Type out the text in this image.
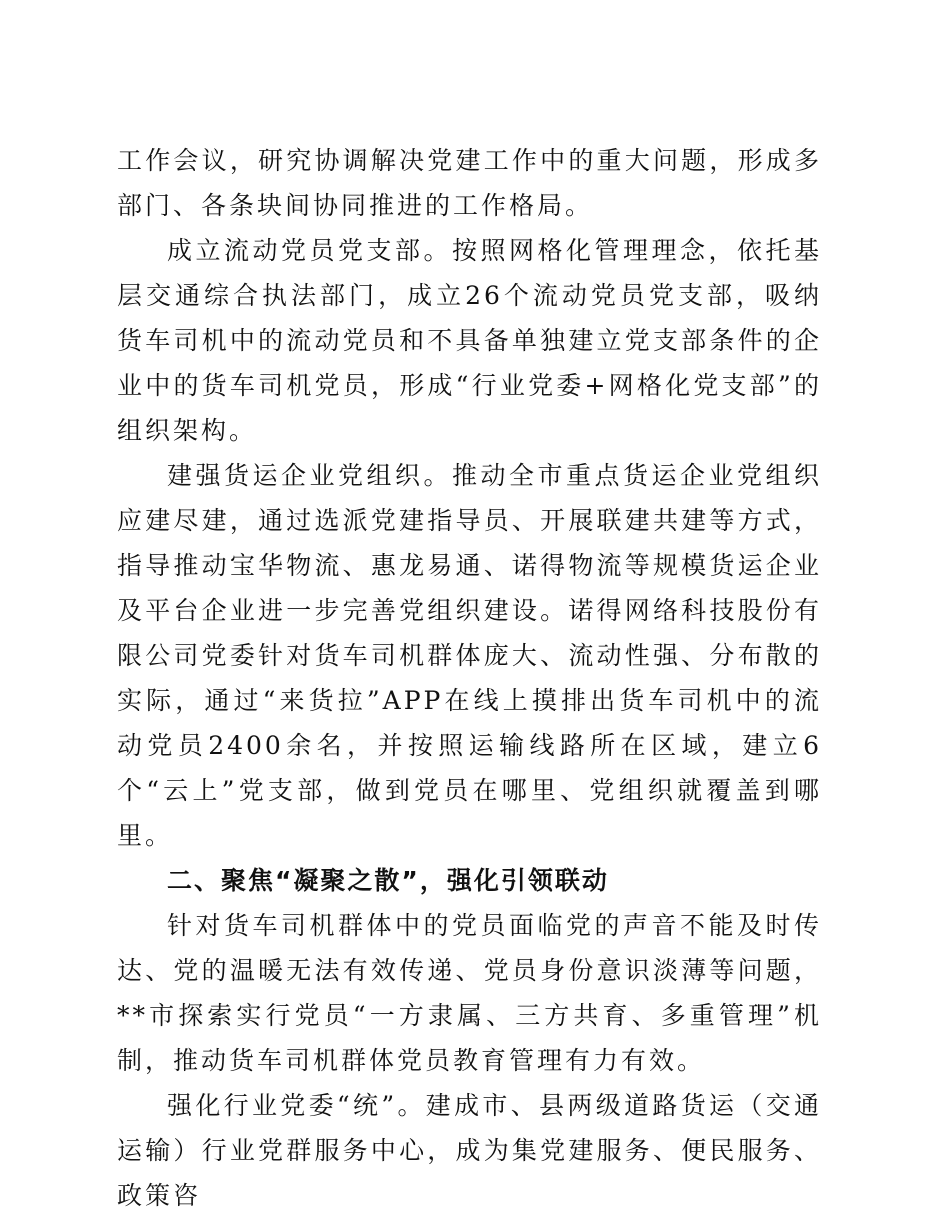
工作会议，研究协调解决党建工作中的重大问题，形成多部门、各条块间协同推进的工作格局。

成立流动党员党支部。按照网格化管理理念，依托基层交通综合执法部门，成立26个流动党员党支部，吸纳货车司机中的流动党员和不具备单独建立党支部条件的企业中的货车司机党员，形成“行业党委+网格化党支部”的组织架构。

建强货运企业党组织。推动全市重点货运企业党组织应建尽建，通过选派党建指导员、开展联建共建等方式，指导推动宝华物流、惠龙易通、诺得物流等规模货运企业及平台企业进一步完善党组织建设。诺得网络科技股份有限公司党委针对货车司机群体庞大、流动性强、分布散的实际，通过“来货拉”APP在线上摸排出货车司机中的流动党员2400余名，并按照运输线路所在区域，建立6个“云上”党支部，做到党员在哪里、党组织就覆盖到哪里。

二、聚焦“凝聚之散”，强化引领联动

针对货车司机群体中的党员面临党的声音不能及时传达、党的温暖无法有效传递、党员身份意识淡薄等问题，**市探索实行党员“一方隶属、三方共育、多重管理”机制，推动货车司机群体党员教育管理有力有效。

强化行业党委“统”。建成市、县两级道路货运（交通运输）行业党群服务中心，成为集党建服务、便民服务、政策咨
